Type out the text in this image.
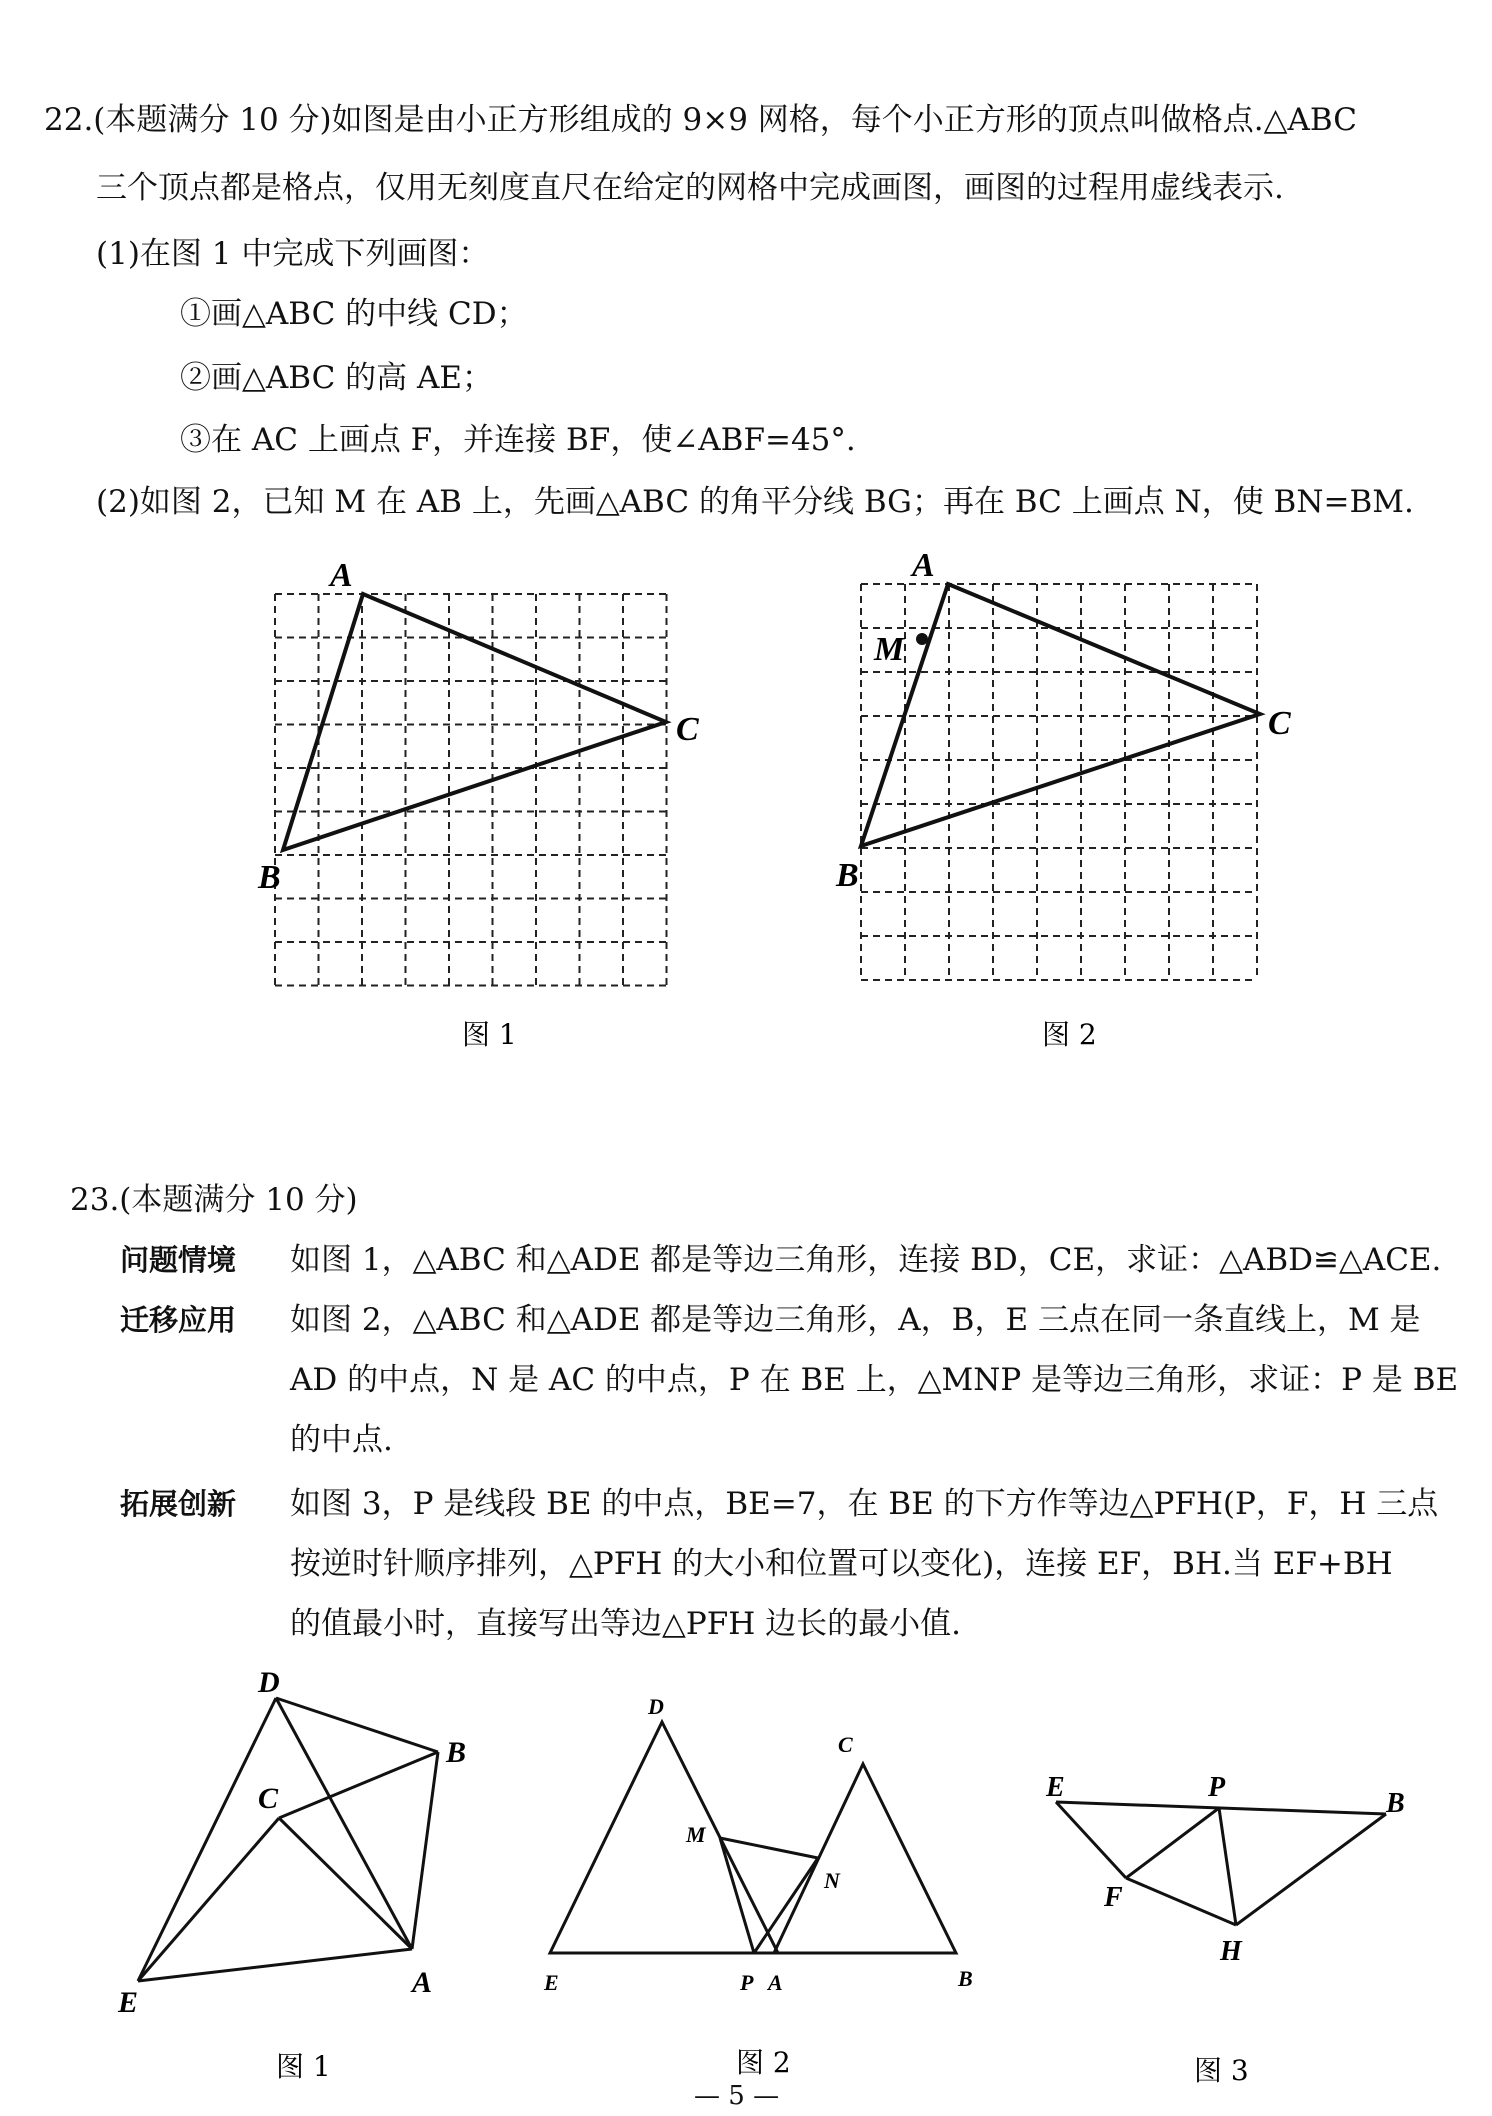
22.(本题满分 10 分)如图是由小正方形组成的 9×9 网格，每个小正方形的顶点叫做格点.△ABC
三个顶点都是格点，仅用无刻度直尺在给定的网格中完成画图，画图的过程用虚线表示.
(1)在图 1 中完成下列画图：
①画△ABC 的中线 CD；
②画△ABC 的高 AE；
③在 AC 上画点 F，并连接 BF，使∠ABF=45°.
(2)如图 2，已知 M 在 AB 上，先画△ABC 的角平分线 BG；再在 BC 上画点 N，使 BN=BM.
A
B
C
图 1
A
B
C
M
图 2
D
B
C
E
A
图 1
D
C
M
N
E	P A	B
图 2
E	P
B
F
H
图 3
23.(本题满分 10 分)
问题情境 如图 1，△ABC 和△ADE 都是等边三角形，连接 BD，CE，求证：△ABD≌△ACE.
迁移应用 如图 2，△ABC 和△ADE 都是等边三角形，A，B，E 三点在同一条直线上，M 是
AD 的中点，N 是 AC 的中点，P 在 BE 上，△MNP 是等边三角形，求证：P 是 BE
的中点.
拓展创新 如图 3，P 是线段 BE 的中点，BE=7，在 BE 的下方作等边△PFH(P，F，H 三点
按逆时针顺序排列，△PFH 的大小和位置可以变化)，连接 EF，BH.当 EF+BH
的值最小时，直接写出等边△PFH 边长的最小值.
— 5 —
